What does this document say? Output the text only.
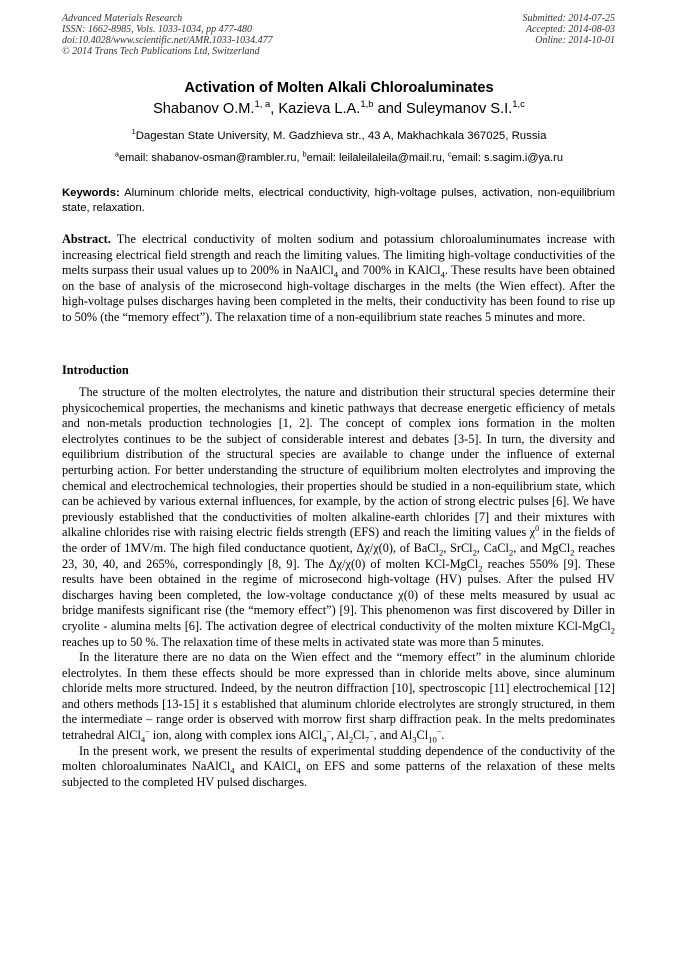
Advanced Materials Research
ISSN: 1662-8985, Vols. 1033-1034, pp 477-480
doi:10.4028/www.scientific.net/AMR.1033-1034.477
© 2014 Trans Tech Publications Ltd, Switzerland
Submitted: 2014-07-25
Accepted: 2014-08-03
Online: 2014-10-01
Activation of Molten Alkali Chloroaluminates
Shabanov O.M.$^{1, a}$, Kazieva L.A.$^{1,b}$ and Suleymanov S.I.$^{1,c}$
$^1$Dagestan State University, M. Gadzhieva str., 43 A, Makhachkala 367025, Russia
$^a$email: shabanov-osman@rambler.ru, $^b$email: leilaleilaleila@mail.ru, $^c$email: s.sagim.i@ya.ru
Keywords: Aluminum chloride melts, electrical conductivity, high-voltage pulses, activation, non-equilibrium state, relaxation.
Abstract. The electrical conductivity of molten sodium and potassium chloroaluminumates increase with increasing electrical field strength and reach the limiting values. The limiting high-voltage conductivities of the melts surpass their usual values up to 200% in NaAlCl$_4$ and 700% in KAlCl$_4$. These results have been obtained on the base of analysis of the microsecond high-voltage discharges in the melts (the Wien effect). After the high-voltage pulses discharges having been completed in the melts, their conductivity has been found to rise up to 50% (the “memory effect”). The relaxation time of a non-equilibrium state reaches 5 minutes and more.
Introduction

The structure of the molten electrolytes, the nature and distribution their structural species determine their physicochemical properties, the mechanisms and kinetic pathways that decrease energetic efficiency of metals and non-metals production technologies [1, 2]. The concept of complex ions formation in the molten electrolytes continues to be the subject of considerable interest and debates [3-5]. In turn, the diversity and equilibrium distribution of the structural species are available to change under the influence of external perturbing action. For better understanding the structure of equilibrium molten electrolytes and improving the chemical and electrochemical technologies, their properties should be studied in a non-equilibrium state, which can be achieved by various external influences, for example, by the action of strong electric pulses [6]. We have previously established that the conductivities of molten alkaline-earth chlorides [7] and their mixtures with alkaline chlorides rise with raising electric fields strength (EFS) and reach the limiting values $\chi^0$ in the fields of the order of 1MV/m. The high filed conductance quotient, Δχ/χ(0), of BaCl$_2$, SrCl$_2$, CaCl$_2$, and MgCl$_2$ reaches 23, 30, 40, and 265%, correspondingly [8, 9]. The Δχ/χ(0) of molten KCl-MgCl$_2$ reaches 550% [9]. These results have been obtained in the regime of microsecond high-voltage (HV) pulses. After the pulsed HV discharges having been completed, the low-voltage conductance χ(0) of these melts measured by usual ac bridge manifests significant rise (the “memory effect”) [9]. This phenomenon was first discovered by Diller in cryolite - alumina melts [6]. The activation degree of electrical conductivity of the molten mixture KCl-MgCl$_2$ reaches up to 50 %. The relaxation time of these melts in activated state was more than 5 minutes.

In the literature there are no data on the Wien effect and the “memory effect” in the aluminum chloride electrolytes. In them these effects should be more expressed than in chloride melts above, since aluminum chloride melts more structured. Indeed, by the neutron diffraction [10], spectroscopic [11] electrochemical [12] and others methods [13-15] it s established that aluminum chloride electrolytes are strongly structured, in them the intermediate – range order is observed with morrow first sharp diffraction peak. In the melts predominates tetrahedral AlCl$_4$− ion, along with complex ions AlCl$_4$−, $Al_2Cl_7^-$, and $Al_3Cl_{10}^-$.

In the present work, we present the results of experimental studding dependence of the conductivity of the molten chloroaluminates NaAlCl$_4$ and KAlCl$_4$ on EFS and some patterns of the relaxation of these melts subjected to the completed HV pulsed discharges.
